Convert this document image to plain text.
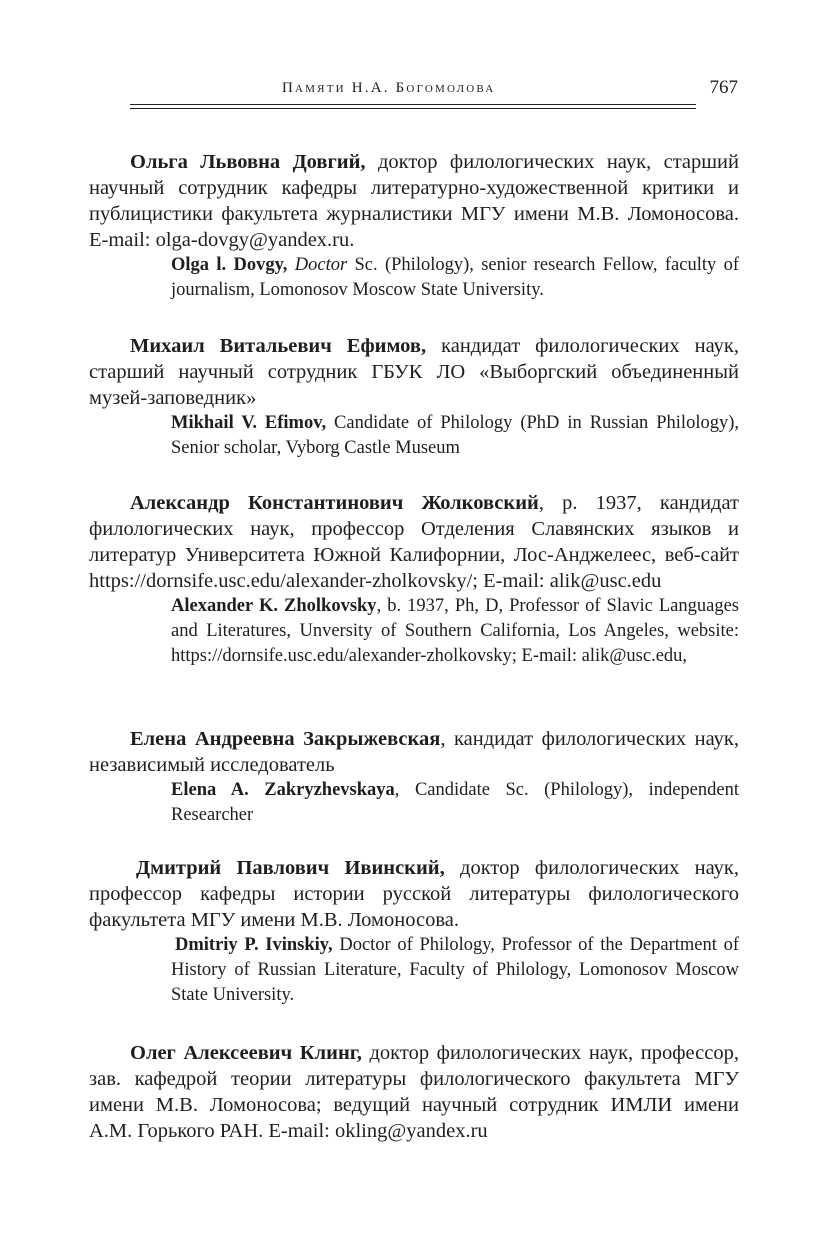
Памяти Н.А. Богомолова	767

Ольга Львовна Довгий, доктор филологических наук, старший научный сотрудник кафедры литературно-художественной критики и публицистики факультета журналистики МГУ имени М.В. Ломоносова. E-mail: olga-dovgy@yandex.ru.

Olga l. Dovgy, Doctor Sc. (Philology), senior research Fellow, faculty of journalism, Lomonosov Moscow State University.

Михаил Витальевич Ефимов, кандидат филологических наук, старший научный сотрудник ГБУК ЛО «Выборгский объединенный музей-заповедник»

Mikhail V. Efimov, Candidate of Philology (PhD in Russian Philology), Senior scholar, Vyborg Castle Museum

Александр Константинович Жолковский, р. 1937, кандидат филологических наук, профессор Отделения Славянских языков и литератур Университета Южной Калифорнии, Лос-Анджелеес, веб-сайт https://dornsife.usc.edu/alexander-zholkovsky/; E-mail: alik@usc.edu

Alexander K. Zholkovsky, b. 1937, Ph, D, Professor of Slavic Languages and Literatures, Unversity of Southern California, Los Angeles, website: https://dornsife.usc.edu/alexander-zholkovsky; E-mail: alik@usc.edu,

Елена Андреевна Закрыжевская, кандидат филологических наук, независимый исследователь

Elena A. Zakryzhevskaya, Candidate Sc. (Philology), independent Researcher

Дмитрий Павлович Ивинский, доктор филологических наук, профессор кафедры истории русской литературы филологического факультета МГУ имени М.В. Ломоносова.

Dmitriy P. Ivinskiy, Doctor of Philology, Professor of the Department of History of Russian Literature, Faculty of Philology, Lomonosov Moscow State University.

Олег Алексеевич Клинг, доктор филологических наук, профессор, зав. кафедрой теории литературы филологического факультета МГУ имени М.В. Ломоносова; ведущий научный сотрудник ИМЛИ имени А.М. Горького РАН. E-mail: okling@yandex.ru
